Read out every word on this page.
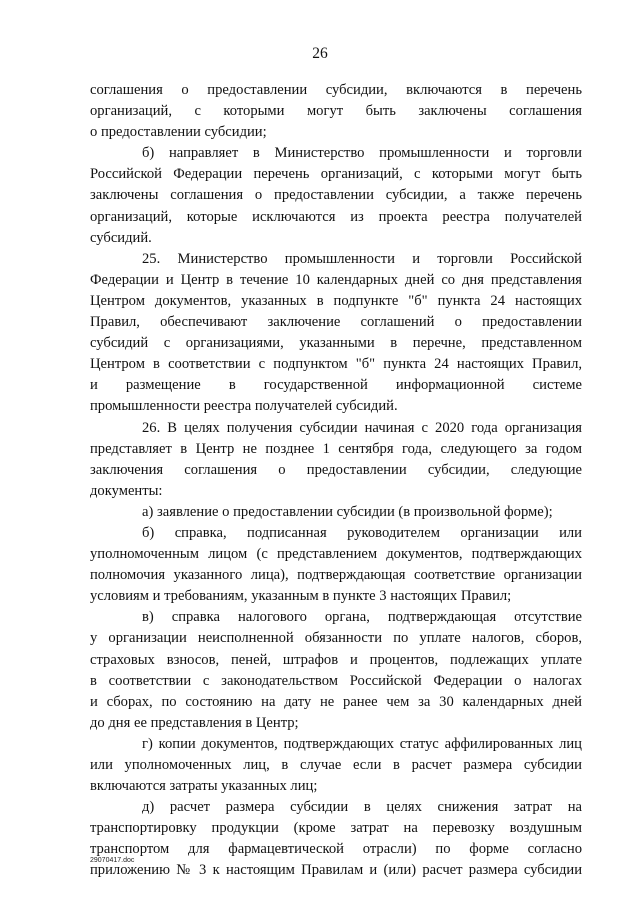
26
соглашения о предоставлении субсидии, включаются в перечень
организаций, с которыми могут быть заключены соглашения
о предоставлении субсидии;
б) направляет в Министерство промышленности и торговли
Российской Федерации перечень организаций, с которыми могут быть
заключены соглашения о предоставлении субсидии, а также перечень
организаций, которые исключаются из проекта реестра получателей
субсидий.
25. Министерство промышленности и торговли Российской
Федерации и Центр в течение 10 календарных дней со дня представления
Центром документов, указанных в подпункте "б" пункта 24 настоящих
Правил, обеспечивают заключение соглашений о предоставлении
субсидий с организациями, указанными в перечне, представленном
Центром в соответствии с подпунктом "б" пункта 24 настоящих Правил,
и размещение в государственной информационной системе
промышленности реестра получателей субсидий.
26. В целях получения субсидии начиная с 2020 года организация
представляет в Центр не позднее 1 сентября года, следующего за годом
заключения соглашения о предоставлении субсидии, следующие
документы:
а) заявление о предоставлении субсидии (в произвольной форме);
б) справка, подписанная руководителем организации или
уполномоченным лицом (с представлением документов, подтверждающих
полномочия указанного лица), подтверждающая соответствие организации
условиям и требованиям, указанным в пункте 3 настоящих Правил;
в) справка налогового органа, подтверждающая отсутствие
у организации неисполненной обязанности по уплате налогов, сборов,
страховых взносов, пеней, штрафов и процентов, подлежащих уплате
в соответствии с законодательством Российской Федерации о налогах
и сборах, по состоянию на дату не ранее чем за 30 календарных дней
до дня ее представления в Центр;
г) копии документов, подтверждающих статус аффилированных лиц
или уполномоченных лиц, в случае если в расчет размера субсидии
включаются затраты указанных лиц;
д) расчет размера субсидии в целях снижения затрат на
транспортировку продукции (кроме затрат на перевозку воздушным
транспортом для фармацевтической отрасли) по форме согласно
приложению № 3 к настоящим Правилам и (или) расчет размера субсидии
29070417.doc
